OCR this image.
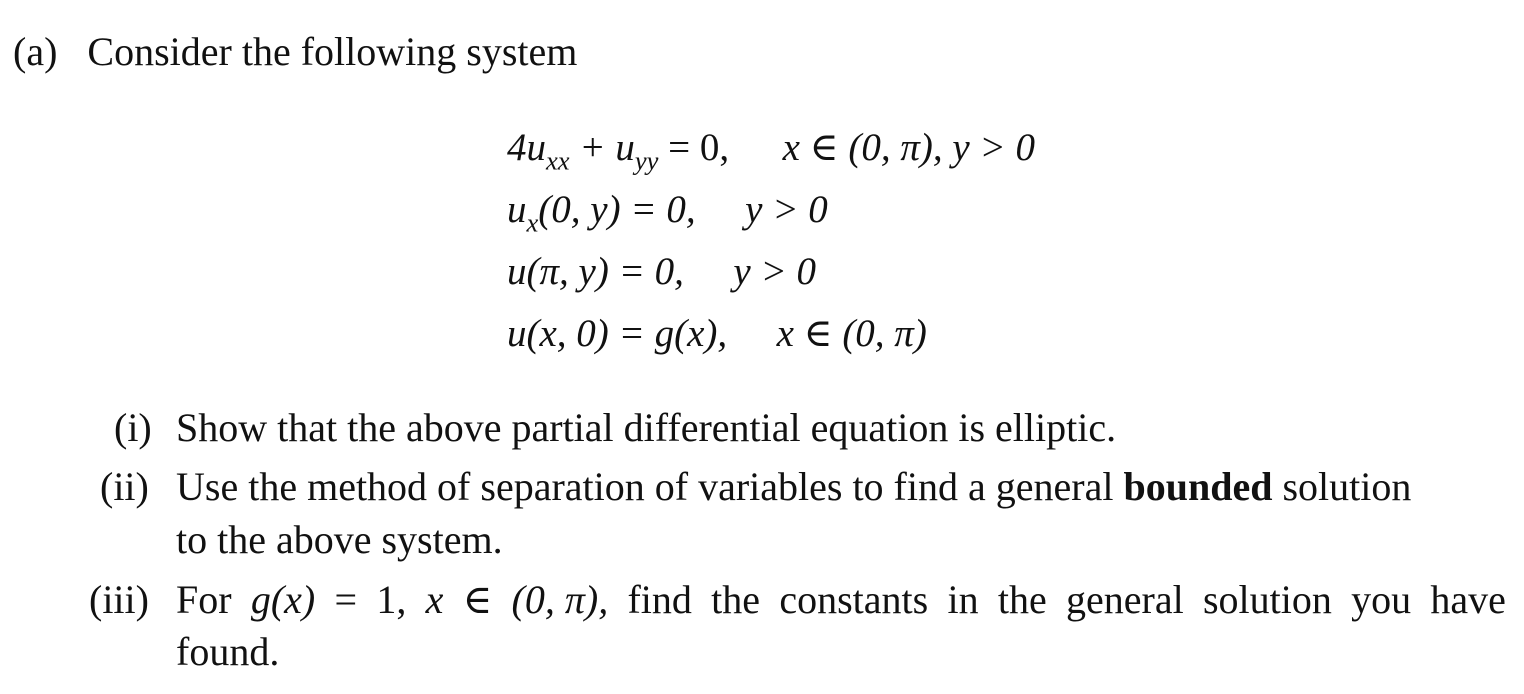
(a) Consider the following system
$4u_{xx} + u_{yy} = 0$, x ∈ (0, π), y > 0
$u_x(0$, y) = 0, y > 0
u(π, y) = 0, y > 0
u(x, 0) = g(x), x ∈ (0, π)
(i) Show that the above partial differential equation is elliptic.
(ii) Use the method of separation of variables to find a general bounded solution
to the above system.
(iii) For g(x) = 1, x ∈ (0, π), find the constants in the general solution you have
found.
